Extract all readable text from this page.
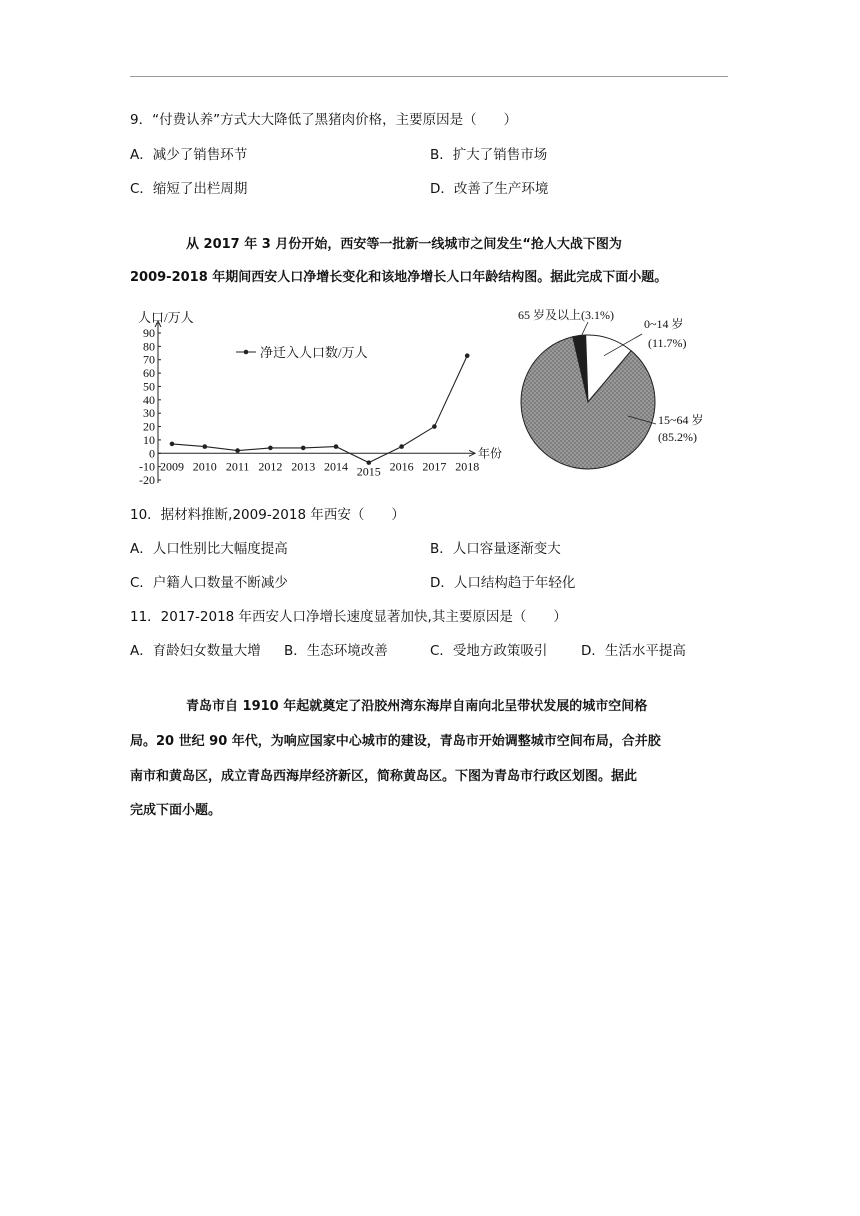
9．“付费认养”方式大大降低了黑猪肉价格，主要原因是（　　）
A．减少了销售环节	B．扩大了销售市场
C．缩短了出栏周期	D．改善了生产环境
从 2017 年 3 月份开始，西安等一批新一线城市之间发生“抢人大战下图为
2009-2018 年期间西安人口净增长变化和该地净增长人口年龄结构图。据此完成下面小题。
人口/万人
-20
-10
0
10
20
30
40
50
60
70
80
90
年份
2009 2010 2011 2012 2013 2014 2015 2016 2017 2018
净迁入人口数/万人
65 岁及以上(3.1%)
0~14 岁
(11.7%)
15~64 岁
(85.2%)
10．据材料推断,2009-2018 年西安（　　）
A．人口性别比大幅度提高	B．人口容量逐渐变大
C．户籍人口数量不断减少	D．人口结构趋于年轻化
11．2017-2018 年西安人口净增长速度显著加快,其主要原因是（　　）
A．育龄妇女数量大增 B．生态环境改善	C．受地方政策吸引 D．生活水平提高
青岛市自 1910 年起就奠定了沿胶州湾东海岸自南向北呈带状发展的城市空间格
局。20 世纪 90 年代，为响应国家中心城市的建设，青岛市开始调整城市空间布局，合并胶
南市和黄岛区，成立青岛西海岸经济新区，简称黄岛区。下图为青岛市行政区划图。据此
完成下面小题。
